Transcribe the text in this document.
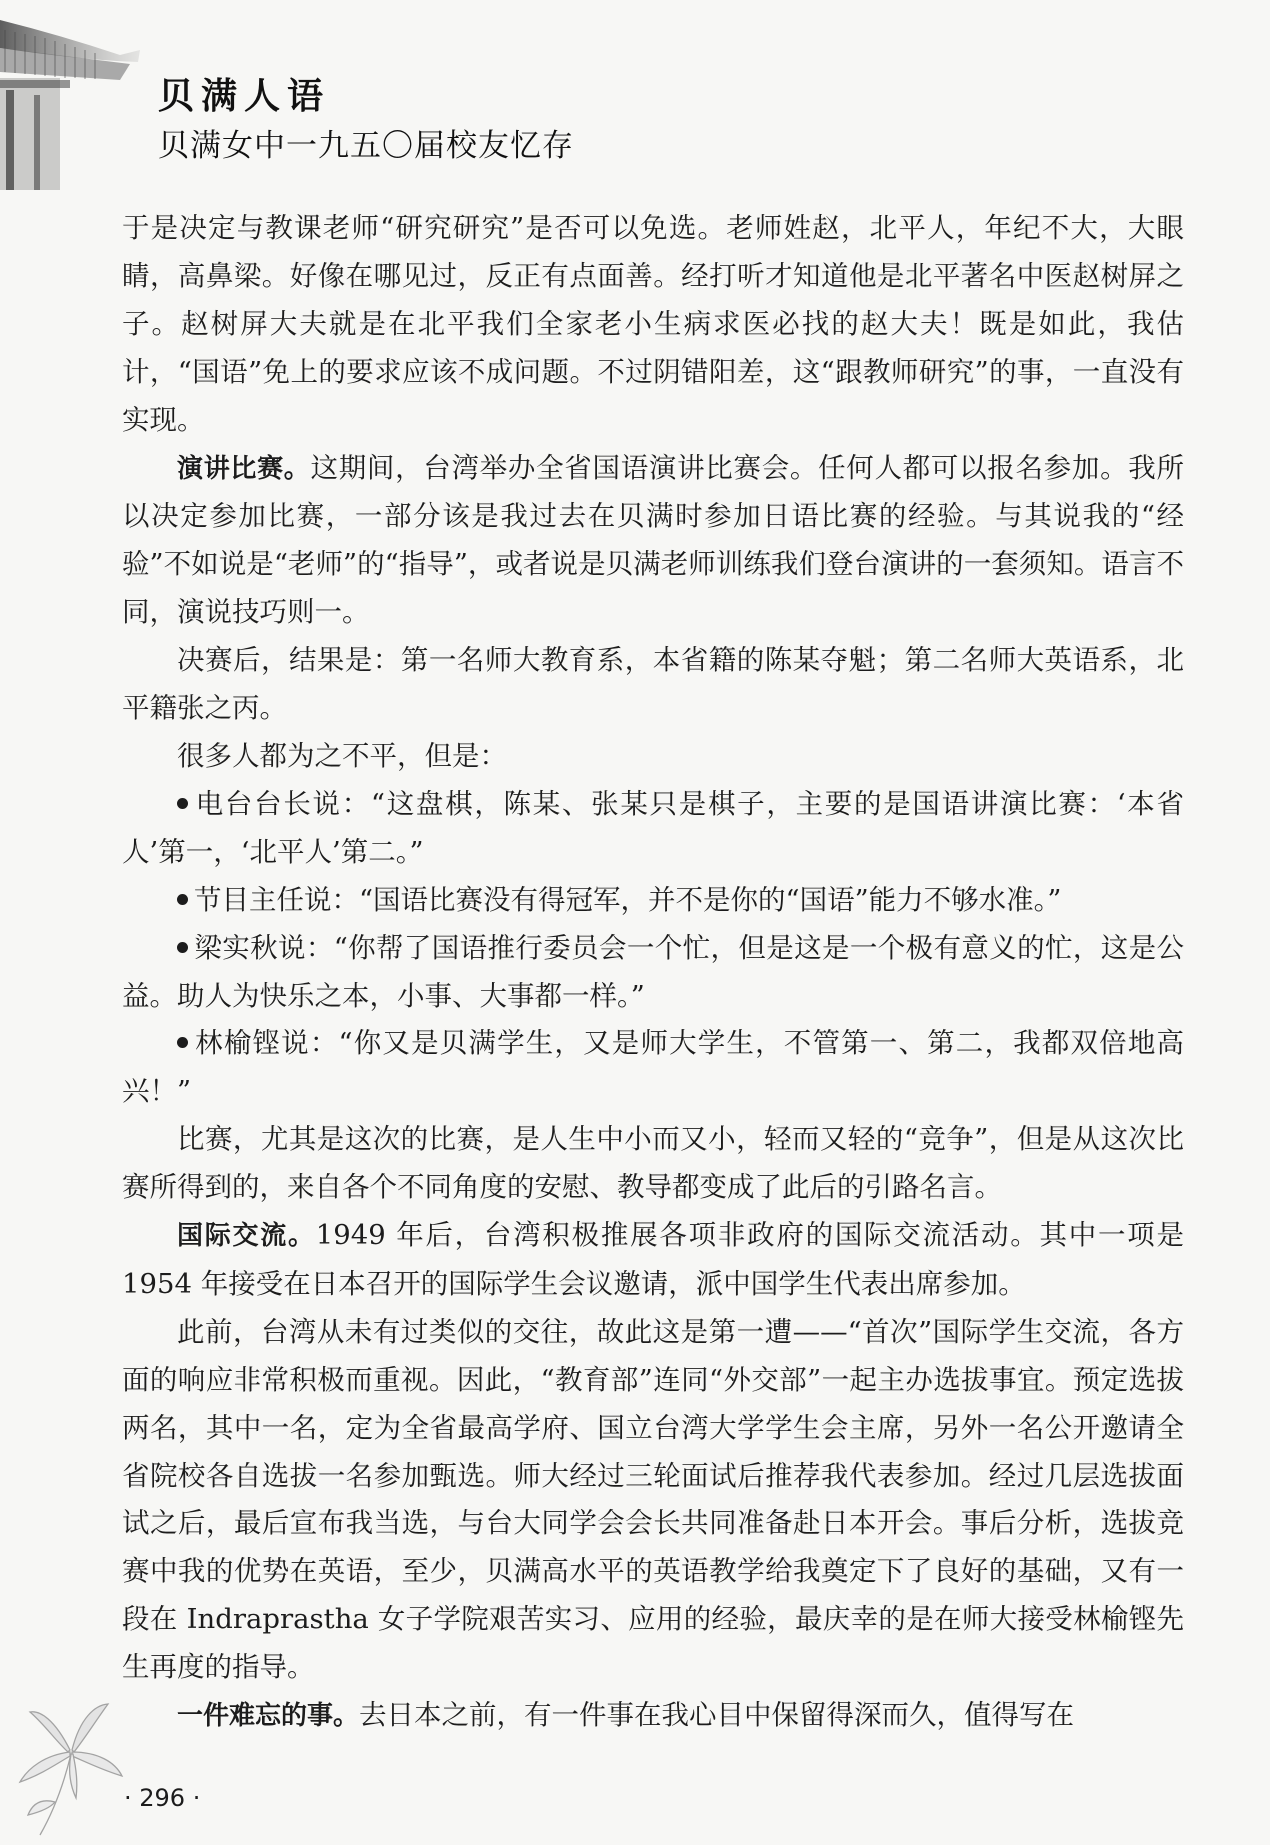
贝满人语
贝满女中一九五〇届校友忆存

于是决定与教课老师“研究研究”是否可以免选。老师姓赵，北平人，年纪不大，大眼睛，高鼻梁。好像在哪见过，反正有点面善。经打听才知道他是北平著名中医赵树屏之子。赵树屏大夫就是在北平我们全家老小生病求医必找的赵大夫！既是如此，我估计，“国语”免上的要求应该不成问题。不过阴错阳差，这“跟教师研究”的事，一直没有实现。

演讲比赛。这期间，台湾举办全省国语演讲比赛会。任何人都可以报名参加。我所以决定参加比赛，一部分该是我过去在贝满时参加日语比赛的经验。与其说我的“经验”不如说是“老师”的“指导”，或者说是贝满老师训练我们登台演讲的一套须知。语言不同，演说技巧则一。

决赛后，结果是：第一名师大教育系，本省籍的陈某夺魁；第二名师大英语系，北平籍张之丙。

很多人都为之不平，但是：

电台台长说：“这盘棋，陈某、张某只是棋子，主要的是国语讲演比赛：‘本省人’第一，‘北平人’第二。”

节目主任说：“国语比赛没有得冠军，并不是你的“国语”能力不够水准。”

梁实秋说：“你帮了国语推行委员会一个忙，但是这是一个极有意义的忙，这是公益。助人为快乐之本，小事、大事都一样。”

林榆铿说：“你又是贝满学生，又是师大学生，不管第一、第二，我都双倍地高兴！”

比赛，尤其是这次的比赛，是人生中小而又小，轻而又轻的“竞争”，但是从这次比赛所得到的，来自各个不同角度的安慰、教导都变成了此后的引路名言。

国际交流。1949 年后，台湾积极推展各项非政府的国际交流活动。其中一项是 1954 年接受在日本召开的国际学生会议邀请，派中国学生代表出席参加。

此前，台湾从未有过类似的交往，故此这是第一遭——“首次”国际学生交流，各方面的响应非常积极而重视。因此，“教育部”连同“外交部”一起主办选拔事宜。预定选拔两名，其中一名，定为全省最高学府、国立台湾大学学生会主席，另外一名公开邀请全省院校各自选拔一名参加甄选。师大经过三轮面试后推荐我代表参加。经过几层选拔面试之后，最后宣布我当选，与台大同学会会长共同准备赴日本开会。事后分析，选拔竞赛中我的优势在英语，至少，贝满高水平的英语教学给我奠定下了良好的基础，又有一段在 Indraprastha 女子学院艰苦实习、应用的经验，最庆幸的是在师大接受林榆铿先生再度的指导。

一件难忘的事。去日本之前，有一件事在我心目中保留得深而久，值得写在

· 296 ·
